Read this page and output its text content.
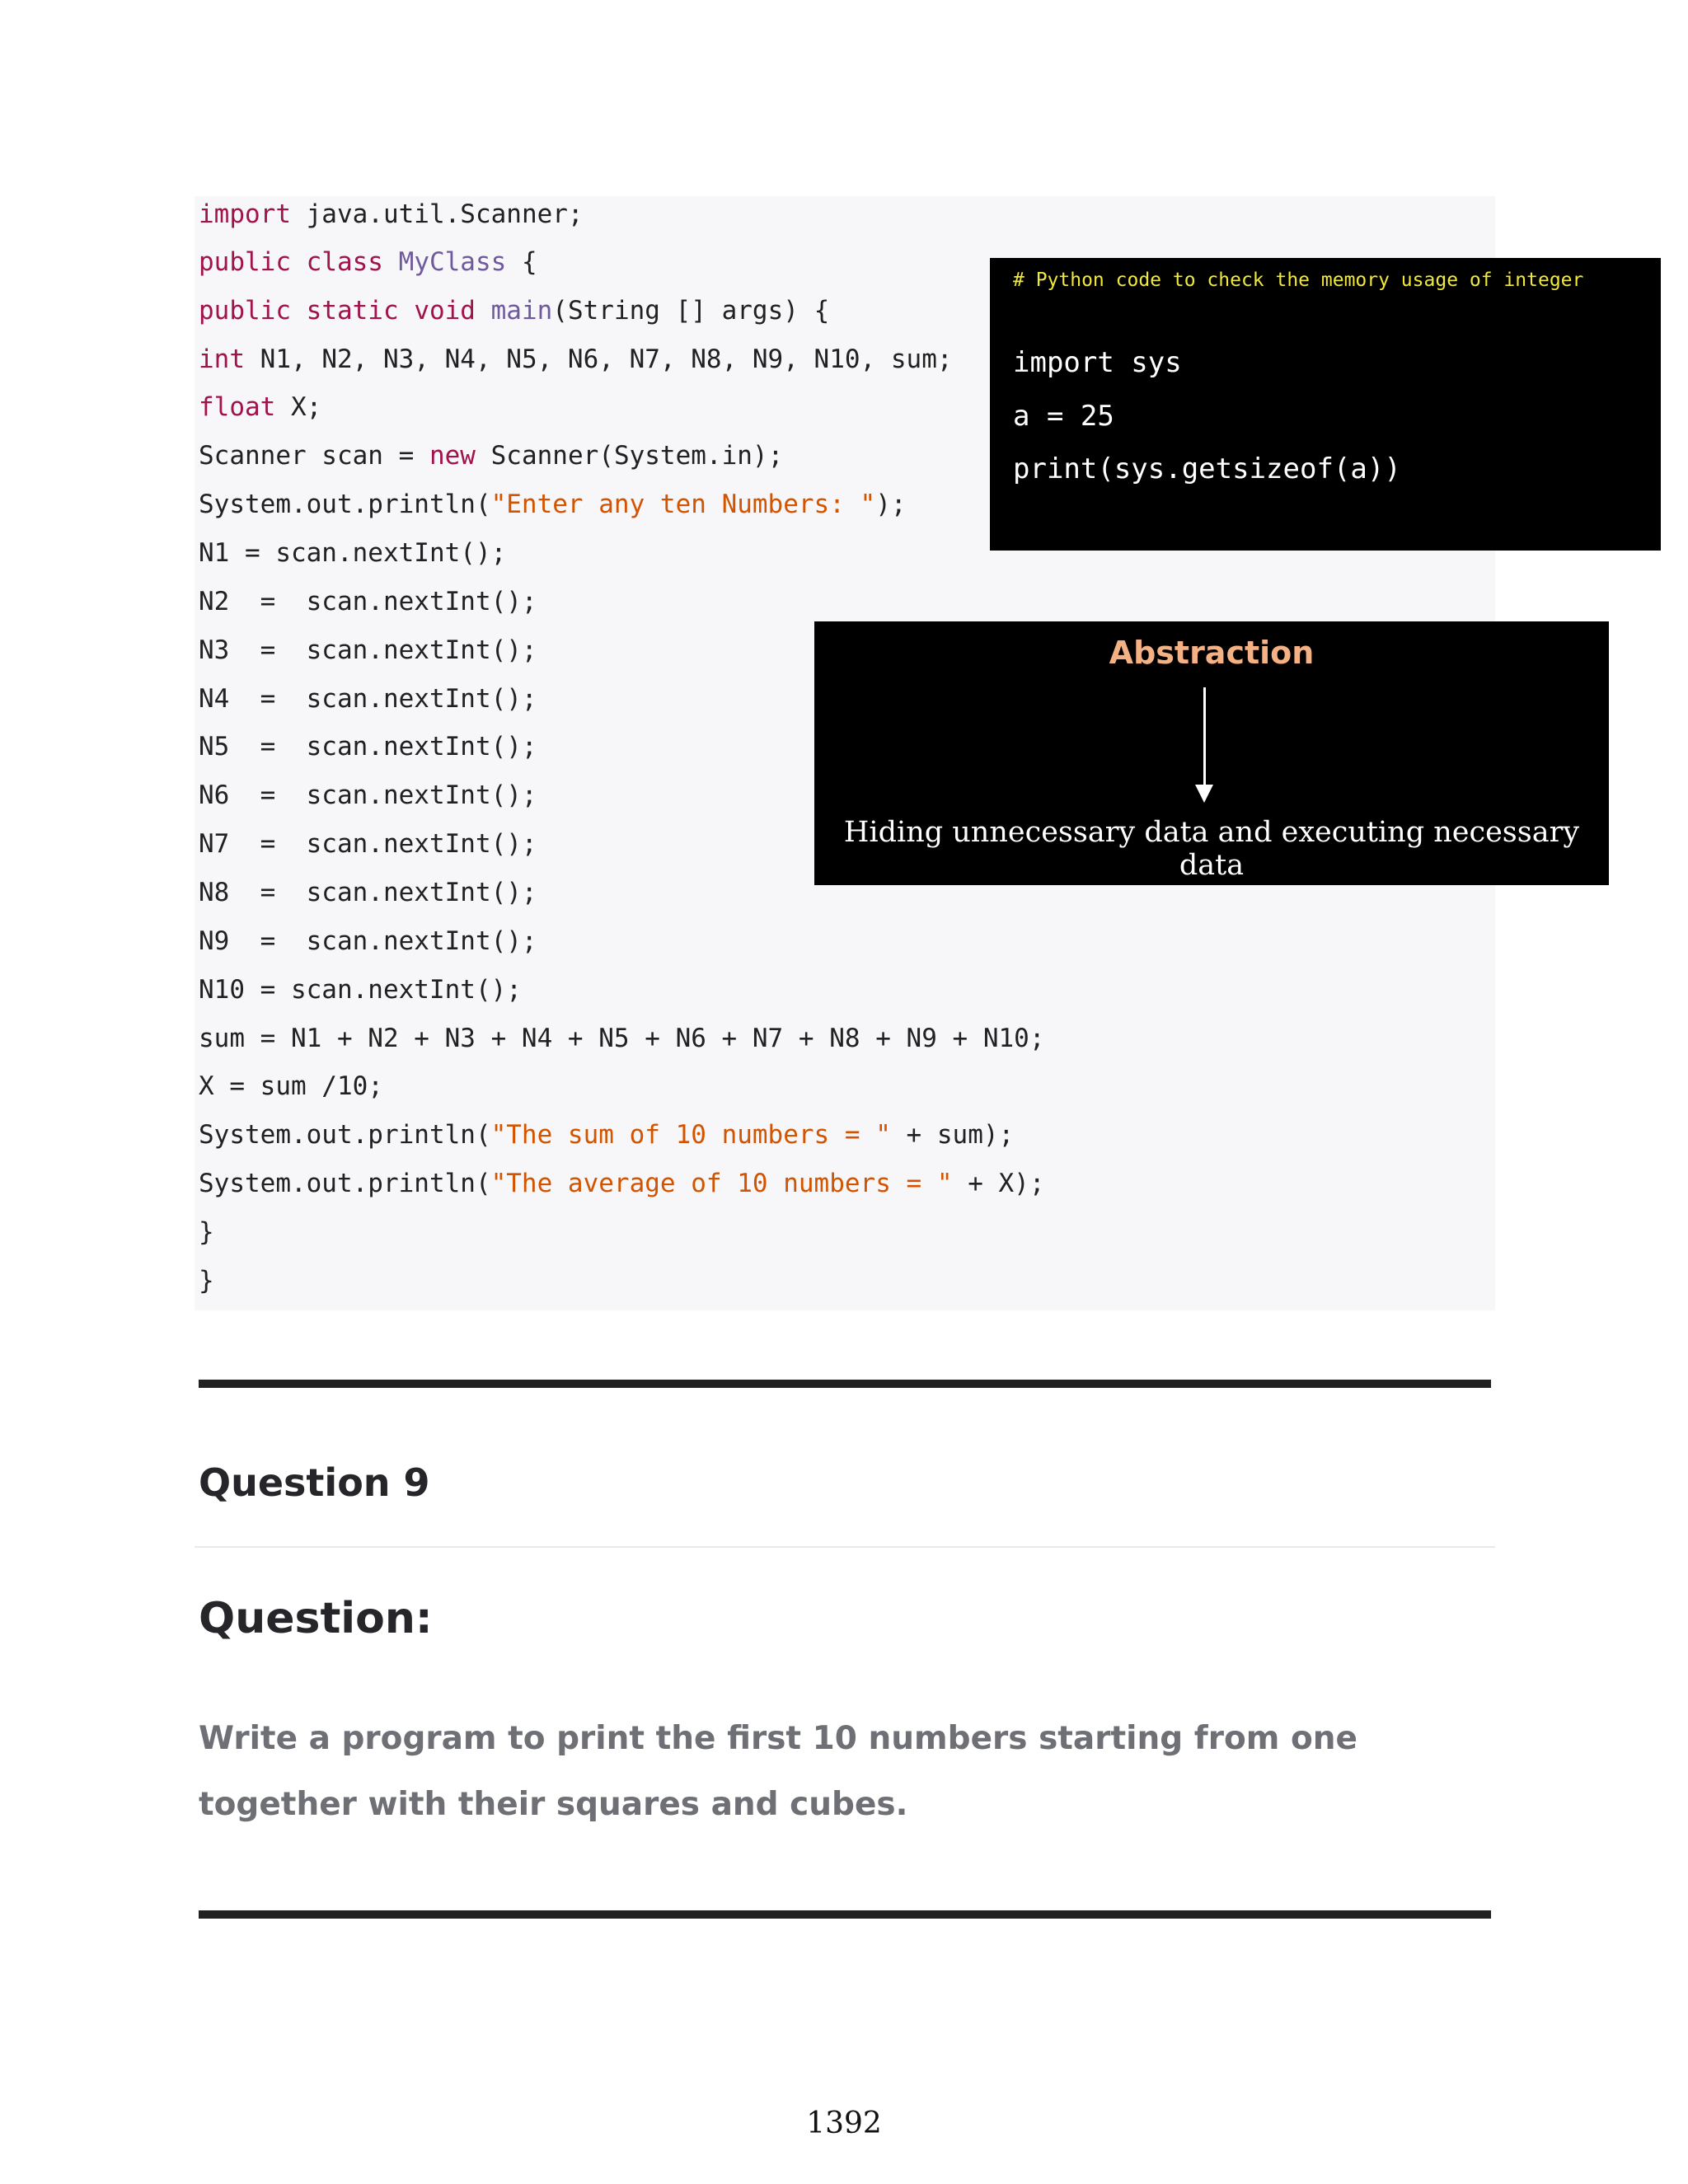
import java.util.Scanner;
public class MyClass {
public static void main(String [] args) {
int N1, N2, N3, N4, N5, N6, N7, N8, N9, N10, sum;
float X;
Scanner scan = new Scanner(System.in);
System.out.println("Enter any ten Numbers: ");
N1 = scan.nextInt();
N2  =  scan.nextInt();
N3  =  scan.nextInt();
N4  =  scan.nextInt();
N5  =  scan.nextInt();
N6  =  scan.nextInt();
N7  =  scan.nextInt();
N8  =  scan.nextInt();
N9  =  scan.nextInt();
N10 = scan.nextInt();
sum = N1 + N2 + N3 + N4 + N5 + N6 + N7 + N8 + N9 + N10;
X = sum /10;
System.out.println("The sum of 10 numbers = " + sum);
System.out.println("The average of 10 numbers = " + X);
}
}
# Python code to check the memory usage of integer
import sys
a = 25
print(sys.getsizeof(a))
Abstraction
Hiding unnecessary data and executing necessary data
Question 9
Question:
Write a program to print the first 10 numbers starting from one together with their squares and cubes.
1392
